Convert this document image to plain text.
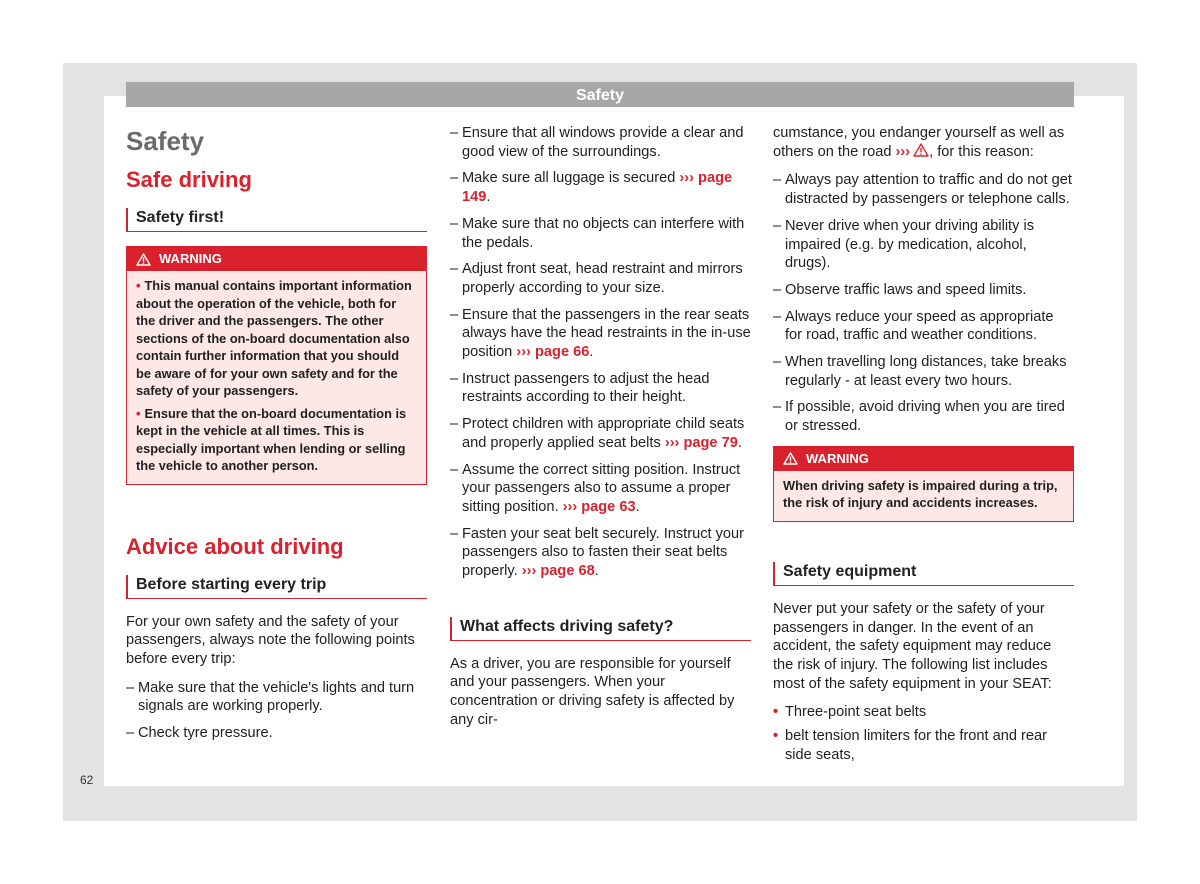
Safety
Safety
Safe driving
Safety first!
WARNING
• This manual contains important information about the operation of the vehicle, both for the driver and the passengers. The other sections of the on-board documentation also contain further information that you should be aware of for your own safety and for the safety of your passengers.
• Ensure that the on-board documentation is kept in the vehicle at all times. This is especially important when lending or selling the vehicle to another person.
Advice about driving
Before starting every trip

For your own safety and the safety of your passengers, always note the following points before every trip:

– Make sure that the vehicle's lights and turn signals are working properly.
– Check tyre pressure.
– Ensure that all windows provide a clear and good view of the surroundings.
– Make sure all luggage is secured ››› page 149.
– Make sure that no objects can interfere with the pedals.
– Adjust front seat, head restraint and mirrors properly according to your size.
– Ensure that the passengers in the rear seats always have the head restraints in the in-use position ››› page 66.
– Instruct passengers to adjust the head restraints according to their height.
– Protect children with appropriate child seats and properly applied seat belts ››› page 79.
– Assume the correct sitting position. Instruct your passengers also to assume a proper sitting position. ››› page 63.
– Fasten your seat belt securely. Instruct your passengers also to fasten their seat belts properly. ››› page 68.
What affects driving safety?

As a driver, you are responsible for yourself and your passengers. When your concentration or driving safety is affected by any cir-

cumstance, you endanger yourself as well as others on the road ››› , for this reason:

– Always pay attention to traffic and do not get distracted by passengers or telephone calls.
– Never drive when your driving ability is impaired (e.g. by medication, alcohol, drugs).
– Observe traffic laws and speed limits.
– Always reduce your speed as appropriate for road, traffic and weather conditions.
– When travelling long distances, take breaks regularly - at least every two hours.
– If possible, avoid driving when you are tired or stressed.
WARNING
When driving safety is impaired during a trip, the risk of injury and accidents increases.
Safety equipment

Never put your safety or the safety of your passengers in danger. In the event of an accident, the safety equipment may reduce the risk of injury. The following list includes most of the safety equipment in your SEAT:

• Three-point seat belts
• belt tension limiters for the front and rear side seats,
62
